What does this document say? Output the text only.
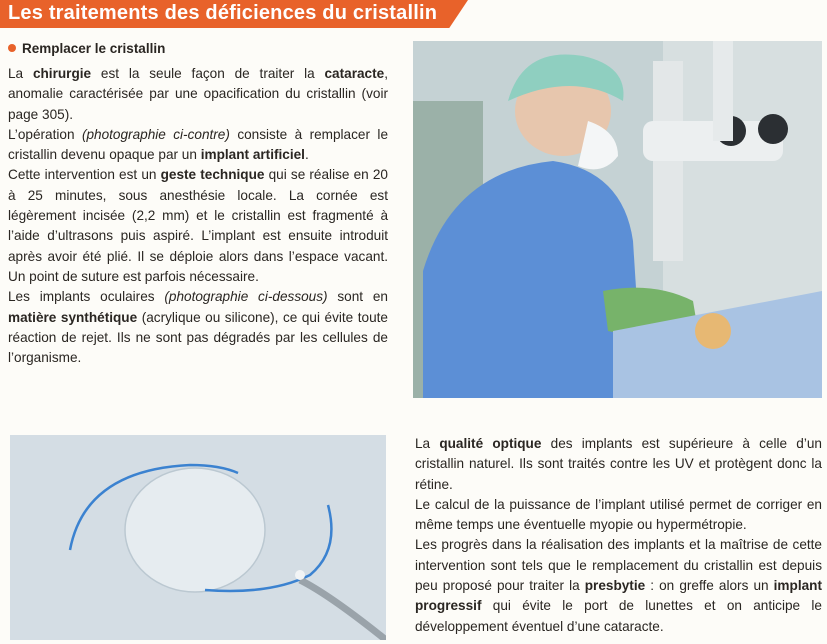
Les traitements des déficiences du cristallin
Remplacer le cristallin

La chirurgie est la seule façon de traiter la cataracte, anomalie caractérisée par une opacification du cristallin (voir page 305).

L’opération (photographie ci-contre) consiste à remplacer le cristallin devenu opaque par un implant artificiel.

Cette intervention est un geste technique qui se réalise en 20 à 25 minutes, sous anesthésie locale. La cornée est légèrement incisée (2,2 mm) et le cristallin est fragmenté à l’aide d’ultrasons puis aspiré. L’implant est ensuite introduit après avoir été plié. Il se déploie alors dans l’espace vacant. Un point de suture est parfois nécessaire.

Les implants oculaires (photographie ci-dessous) sont en matière synthétique (acrylique ou silicone), ce qui évite toute réaction de rejet. Ils ne sont pas dégradés par les cellules de l’organisme.

La qualité optique des implants est supérieure à celle d’un cristallin naturel. Ils sont traités contre les UV et protègent donc la rétine.

Le calcul de la puissance de l’implant utilisé permet de corriger en même temps une éventuelle myopie ou hypermétropie.

Les progrès dans la réalisation des implants et la maîtrise de cette intervention sont tels que le remplacement du cristallin est depuis peu proposé pour traiter la presbytie : on greffe alors un implant progressif qui évite le port de lunettes et on anticipe le développement éventuel d’une cataracte.
